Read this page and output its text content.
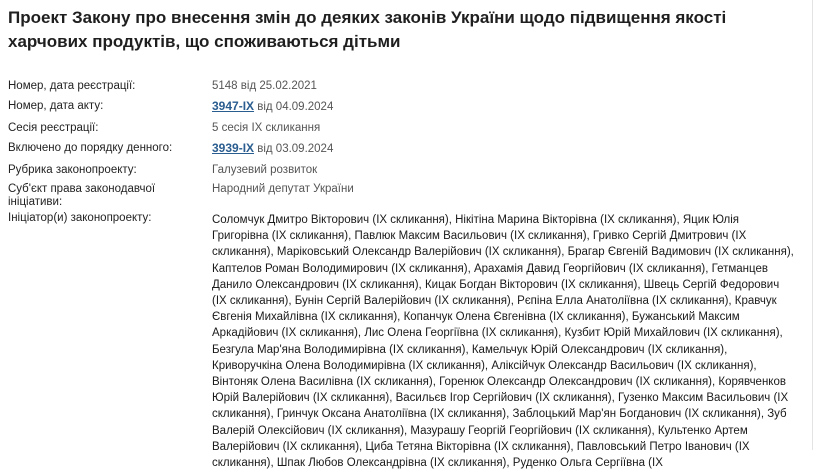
Проект Закону про внесення змін до деяких законів України щодо підвищення якості харчових продуктів, що споживаються дітьми
Номер, дата реєстрації:	5148 від 25.02.2021
Номер, дата акту:	3947-IX від 04.09.2024
Сесія реєстрації:	5 сесія IX скликання
Включено до порядку денного:	3939-IX від 03.09.2024
Рубрика законопроекту:	Галузевий розвиток
Суб'єкт права законодавчої ініціативи:
Народний депутат України
Ініціатор(и) законопроекту:	Соломчук Дмитро Вікторович (IX скликання), Нікітіна Марина Вікторівна (IX скликання), Яцик Юлія Григорівна (IX скликання), Павлюк Максим Васильович (IX скликання), Гривко Сергій Дмитрович (IX скликання), Маріковський Олександр Валерійович (IX скликання), Брагар Євгеній Вадимович (IX скликання), Каптелов Роман Володимирович (IX скликання), Арахамія Давид Георгійович (IX скликання), Гетманцев Данило Олександрович (IX скликання), Кицак Богдан Вікторович (IX скликання), Швець Сергій Федорович (IX скликання), Бунін Сергій Валерійович (IX скликання), Рєпіна Елла Анатоліївна (IX скликання), Кравчук Євгенія Михайлівна (IX скликання), Копанчук Олена Євгенівна (IX скликання), Бужанський Максим Аркадійович (IX скликання), Лис Олена Георгіївна (IX скликання), Кузбит Юрій Михайлович (IX скликання), Безгула Мар'яна Володимирівна (IX скликання), Камельчук Юрій Олександрович (IX скликання), Криворучкіна Олена Володимирівна (IX скликання), Аліксійчук Олександр Васильович (IX скликання), Вінтоняк Олена Василівна (IX скликання), Горенюк Олександр Олександрович (IX скликання), Корявченков Юрій Валерійович (IX скликання), Васильєв Ігор Сергійович (IX скликання), Гузенко Максим Васильович (IX скликання), Гринчук Оксана Анатоліївна (IX скликання), Заблоцький Мар'ян Богданович (IX скликання), Зуб Валерій Олексійович (IX скликання), Мазурашу Георгій Георгійович (IX скликання), Культенко Артем Валерійович (IX скликання), Циба Тетяна Вікторівна (IX скликання), Павловський Петро Іванович (IX скликання), Шпак Любов Олександрівна (IX скликання), Руденко Ольга Сергіївна (IX
